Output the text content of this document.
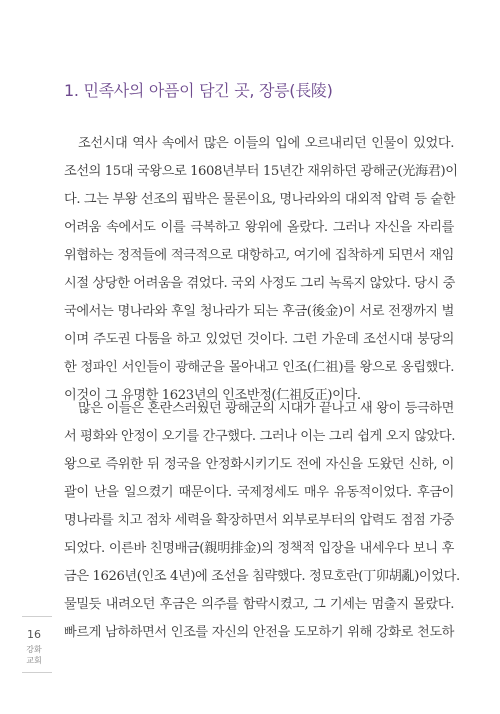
1. 민족사의 아픔이 담긴 곳, 장릉(長陵)
조선시대 역사 속에서 많은 이들의 입에 오르내리던 인물이 있었다.
조선의 15대 국왕으로 1608년부터 15년간 재위하던 광해군(光海君)이
다. 그는 부왕 선조의 핍박은 물론이요, 명나라와의 대외적 압력 등 숱한
어려움 속에서도 이를 극복하고 왕위에 올랐다. 그러나 자신을 자리를
위협하는 정적들에 적극적으로 대항하고, 여기에 집착하게 되면서 재임
시절 상당한 어려움을 겪었다. 국외 사정도 그리 녹록지 않았다. 당시 중
국에서는 명나라와 후일 청나라가 되는 후금(後金)이 서로 전쟁까지 벌
이며 주도권 다툼을 하고 있었던 것이다. 그런 가운데 조선시대 붕당의
한 정파인 서인들이 광해군을 몰아내고 인조(仁祖)를 왕으로 옹립했다.
이것이 그 유명한 1623년의 인조반정(仁祖反正)이다.
많은 이들은 혼란스러웠던 광해군의 시대가 끝나고 새 왕이 등극하면
서 평화와 안정이 오기를 간구했다. 그러나 이는 그리 쉽게 오지 않았다.
왕으로 즉위한 뒤 정국을 안정화시키기도 전에 자신을 도왔던 신하, 이
괄이 난을 일으켰기 때문이다. 국제정세도 매우 유동적이었다. 후금이
명나라를 치고 점차 세력을 확장하면서 외부로부터의 압력도 점점 가중
되었다. 이른바 친명배금(親明排金)의 정책적 입장을 내세우다 보니 후
금은 1626년(인조 4년)에 조선을 침략했다. 정묘호란(丁卯胡亂)이었다.
물밀듯 내려오던 후금은 의주를 함락시켰고, 그 기세는 멈출지 몰랐다.
빠르게 남하하면서 인조를 자신의 안전을 도모하기 위해 강화로 천도하
16
강화 교회
